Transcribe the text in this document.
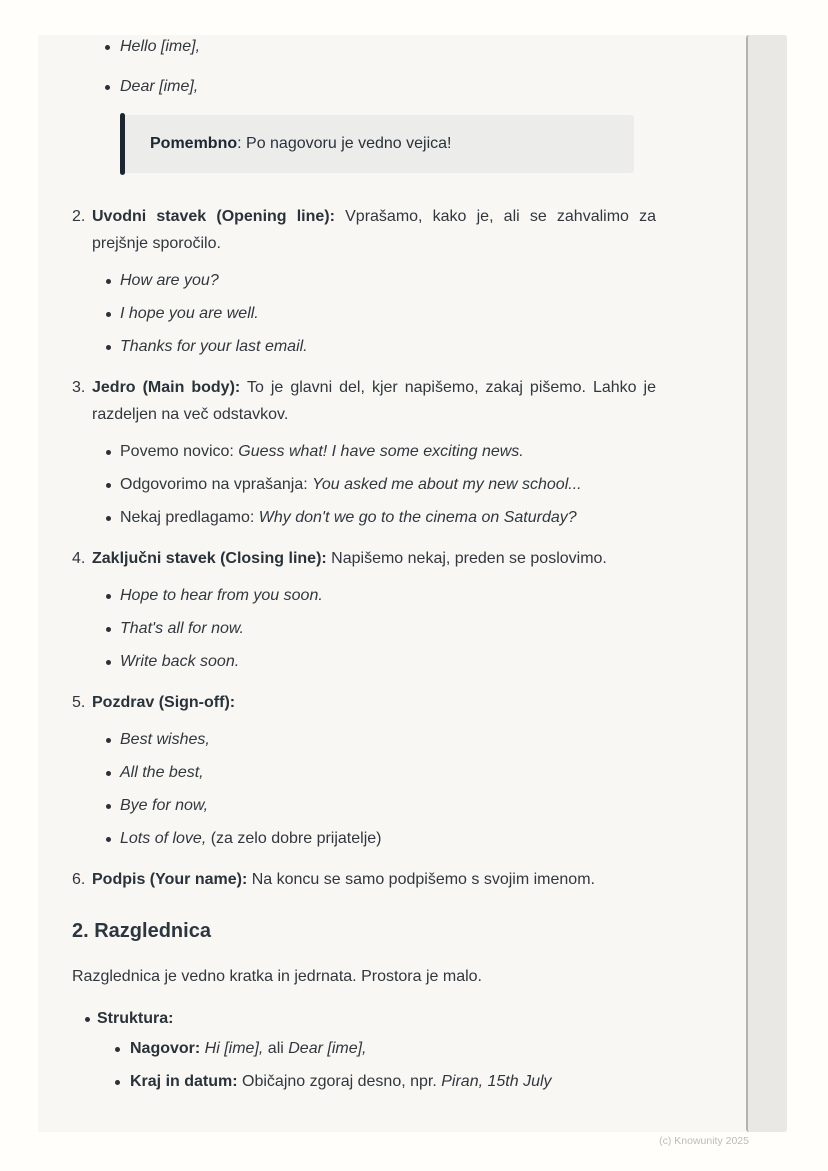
Hello [ime],
Dear [ime],

Pomembno: Po nagovoru je vedno vejica!

2. Uvodni stavek (Opening line): Vprašamo, kako je, ali se zahvalimo za prejšnje sporočilo.
How are you?
I hope you are well.
Thanks for your last email.
3. Jedro (Main body): To je glavni del, kjer napišemo, zakaj pišemo. Lahko je razdeljen na več odstavkov.
Povemo novico: Guess what! I have some exciting news.
Odgovorimo na vprašanja: You asked me about my new school...
Nekaj predlagamo: Why don't we go to the cinema on Saturday?
4. Zaključni stavek (Closing line): Napišemo nekaj, preden se poslovimo.
Hope to hear from you soon.
That's all for now.
Write back soon.
5. Pozdrav (Sign-off):
Best wishes,
All the best,
Bye for now,
Lots of love, (za zelo dobre prijatelje)
6. Podpis (Your name): Na koncu se samo podpišemo s svojim imenom.
2. Razglednica

Razglednica je vedno kratka in jedrnata. Prostora je malo.

Struktura:
Nagovor: Hi [ime], ali Dear [ime],
Kraj in datum: Običajno zgoraj desno, npr. Piran, 15th July
(c) Knowunity 2025
